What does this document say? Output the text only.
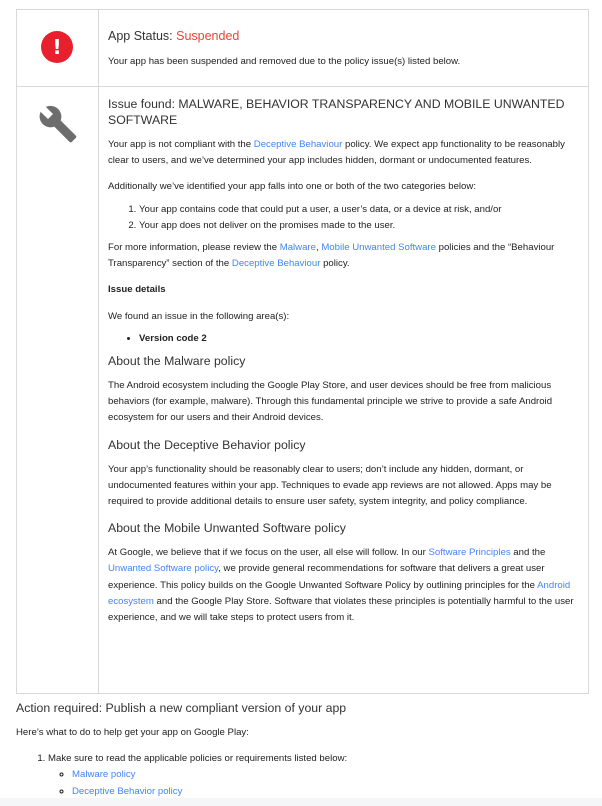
!	App Status: Suspended
Your app has been suspended and removed due to the policy issue(s) listed below.
Issue found: MALWARE, BEHAVIOR TRANSPARENCY AND MOBILE UNWANTED SOFTWARE
Your app is not compliant with the Deceptive Behaviour policy. We expect app functionality to be reasonably clear to users, and we’ve determined your app includes hidden, dormant or undocumented features.
Additionally we’ve identified your app falls into one or both of the two categories below:
1. Your app contains code that could put a user, a user’s data, or a device at risk, and/or
2. Your app does not deliver on the promises made to the user.
For more information, please review the Malware, Mobile Unwanted Software policies and the “Behaviour Transparency” section of the Deceptive Behaviour policy.
Issue details
We found an issue in the following area(s):
• Version code 2
About the Malware policy
The Android ecosystem including the Google Play Store, and user devices should be free from malicious behaviors (for example, malware). Through this fundamental principle we strive to provide a safe Android ecosystem for our users and their Android devices.
About the Deceptive Behavior policy
Your app’s functionality should be reasonably clear to users; don’t include any hidden, dormant, or undocumented features within your app. Techniques to evade app reviews are not allowed. Apps may be required to provide additional details to ensure user safety, system integrity, and policy compliance.
About the Mobile Unwanted Software policy
At Google, we believe that if we focus on the user, all else will follow. In our Software Principles and the Unwanted Software policy, we provide general recommendations for software that delivers a great user experience. This policy builds on the Google Unwanted Software Policy by outlining principles for the Android ecosystem and the Google Play Store. Software that violates these principles is potentially harmful to the user experience, and we will take steps to protect users from it.
Action required: Publish a new compliant version of your app
Here’s what to do to help get your app on Google Play:
1. Make sure to read the applicable policies or requirements listed below:
◦ Malware policy
◦ Deceptive Behavior policy
